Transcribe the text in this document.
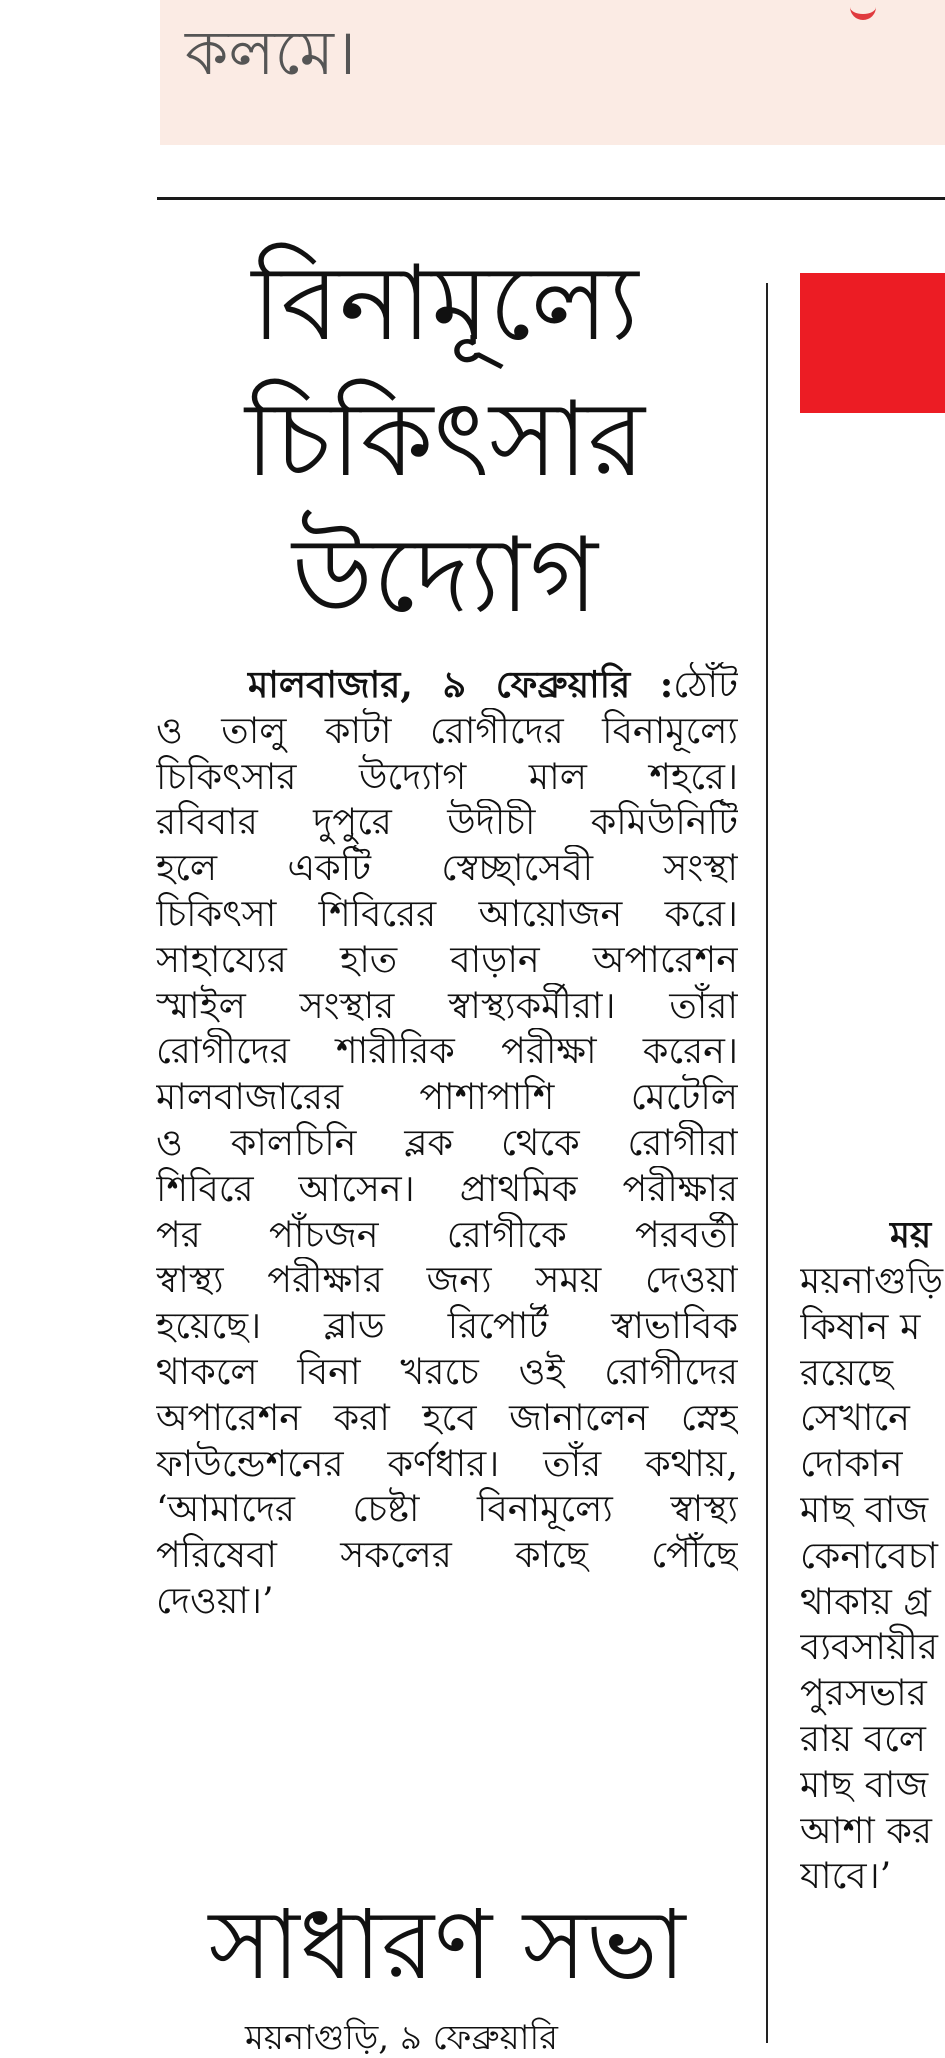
কলমে।
বিনামূল্যে
চিকিৎসার
উদ্যোগ
মালবাজার, ৯ ফেব্রুয়ারি :ঠোঁট
ও তালু কাটা রোগীদের বিনামূল্যে
চিকিৎসার উদ্যোগ মাল শহরে।
রবিবার দুপুরে উদীচী কমিউনিটি
হলে একটি স্বেচ্ছাসেবী সংস্থা
চিকিৎসা শিবিরের আয়োজন করে।
সাহায্যের হাত বাড়ান অপারেশন
স্মাইল সংস্থার স্বাস্থ্যকর্মীরা। তাঁরা
রোগীদের শারীরিক পরীক্ষা করেন।
মালবাজারের পাশাপাশি মেটেলি
ও কালচিনি ব্লক থেকে রোগীরা
শিবিরে আসেন। প্রাথমিক পরীক্ষার
পর পাঁচজন রোগীকে পরবর্তী
স্বাস্থ্য পরীক্ষার জন্য সময় দেওয়া
হয়েছে। ব্লাড রিপোর্ট স্বাভাবিক
থাকলে বিনা খরচে ওই রোগীদের
অপারেশন করা হবে জানালেন স্নেহ
ফাউন্ডেশনের কর্ণধার। তাঁর কথায়,
‘আমাদের চেষ্টা বিনামূল্যে স্বাস্থ্য
পরিষেবা সকলের কাছে পৌঁছে
দেওয়া।’
সাধারণ সভা
ময়নাগুড়ি, ৯ ফেব্রুয়ারি
ময়
ময়নাগুড়ি
কিষান ম
রয়েছে
সেখানে
দোকান
মাছ বাজ
কেনাবেচা
থাকায় গ্র
ব্যবসায়ীর
পুরসভার
রায় বলে
মাছ বাজ
আশা কর
যাবে।’
